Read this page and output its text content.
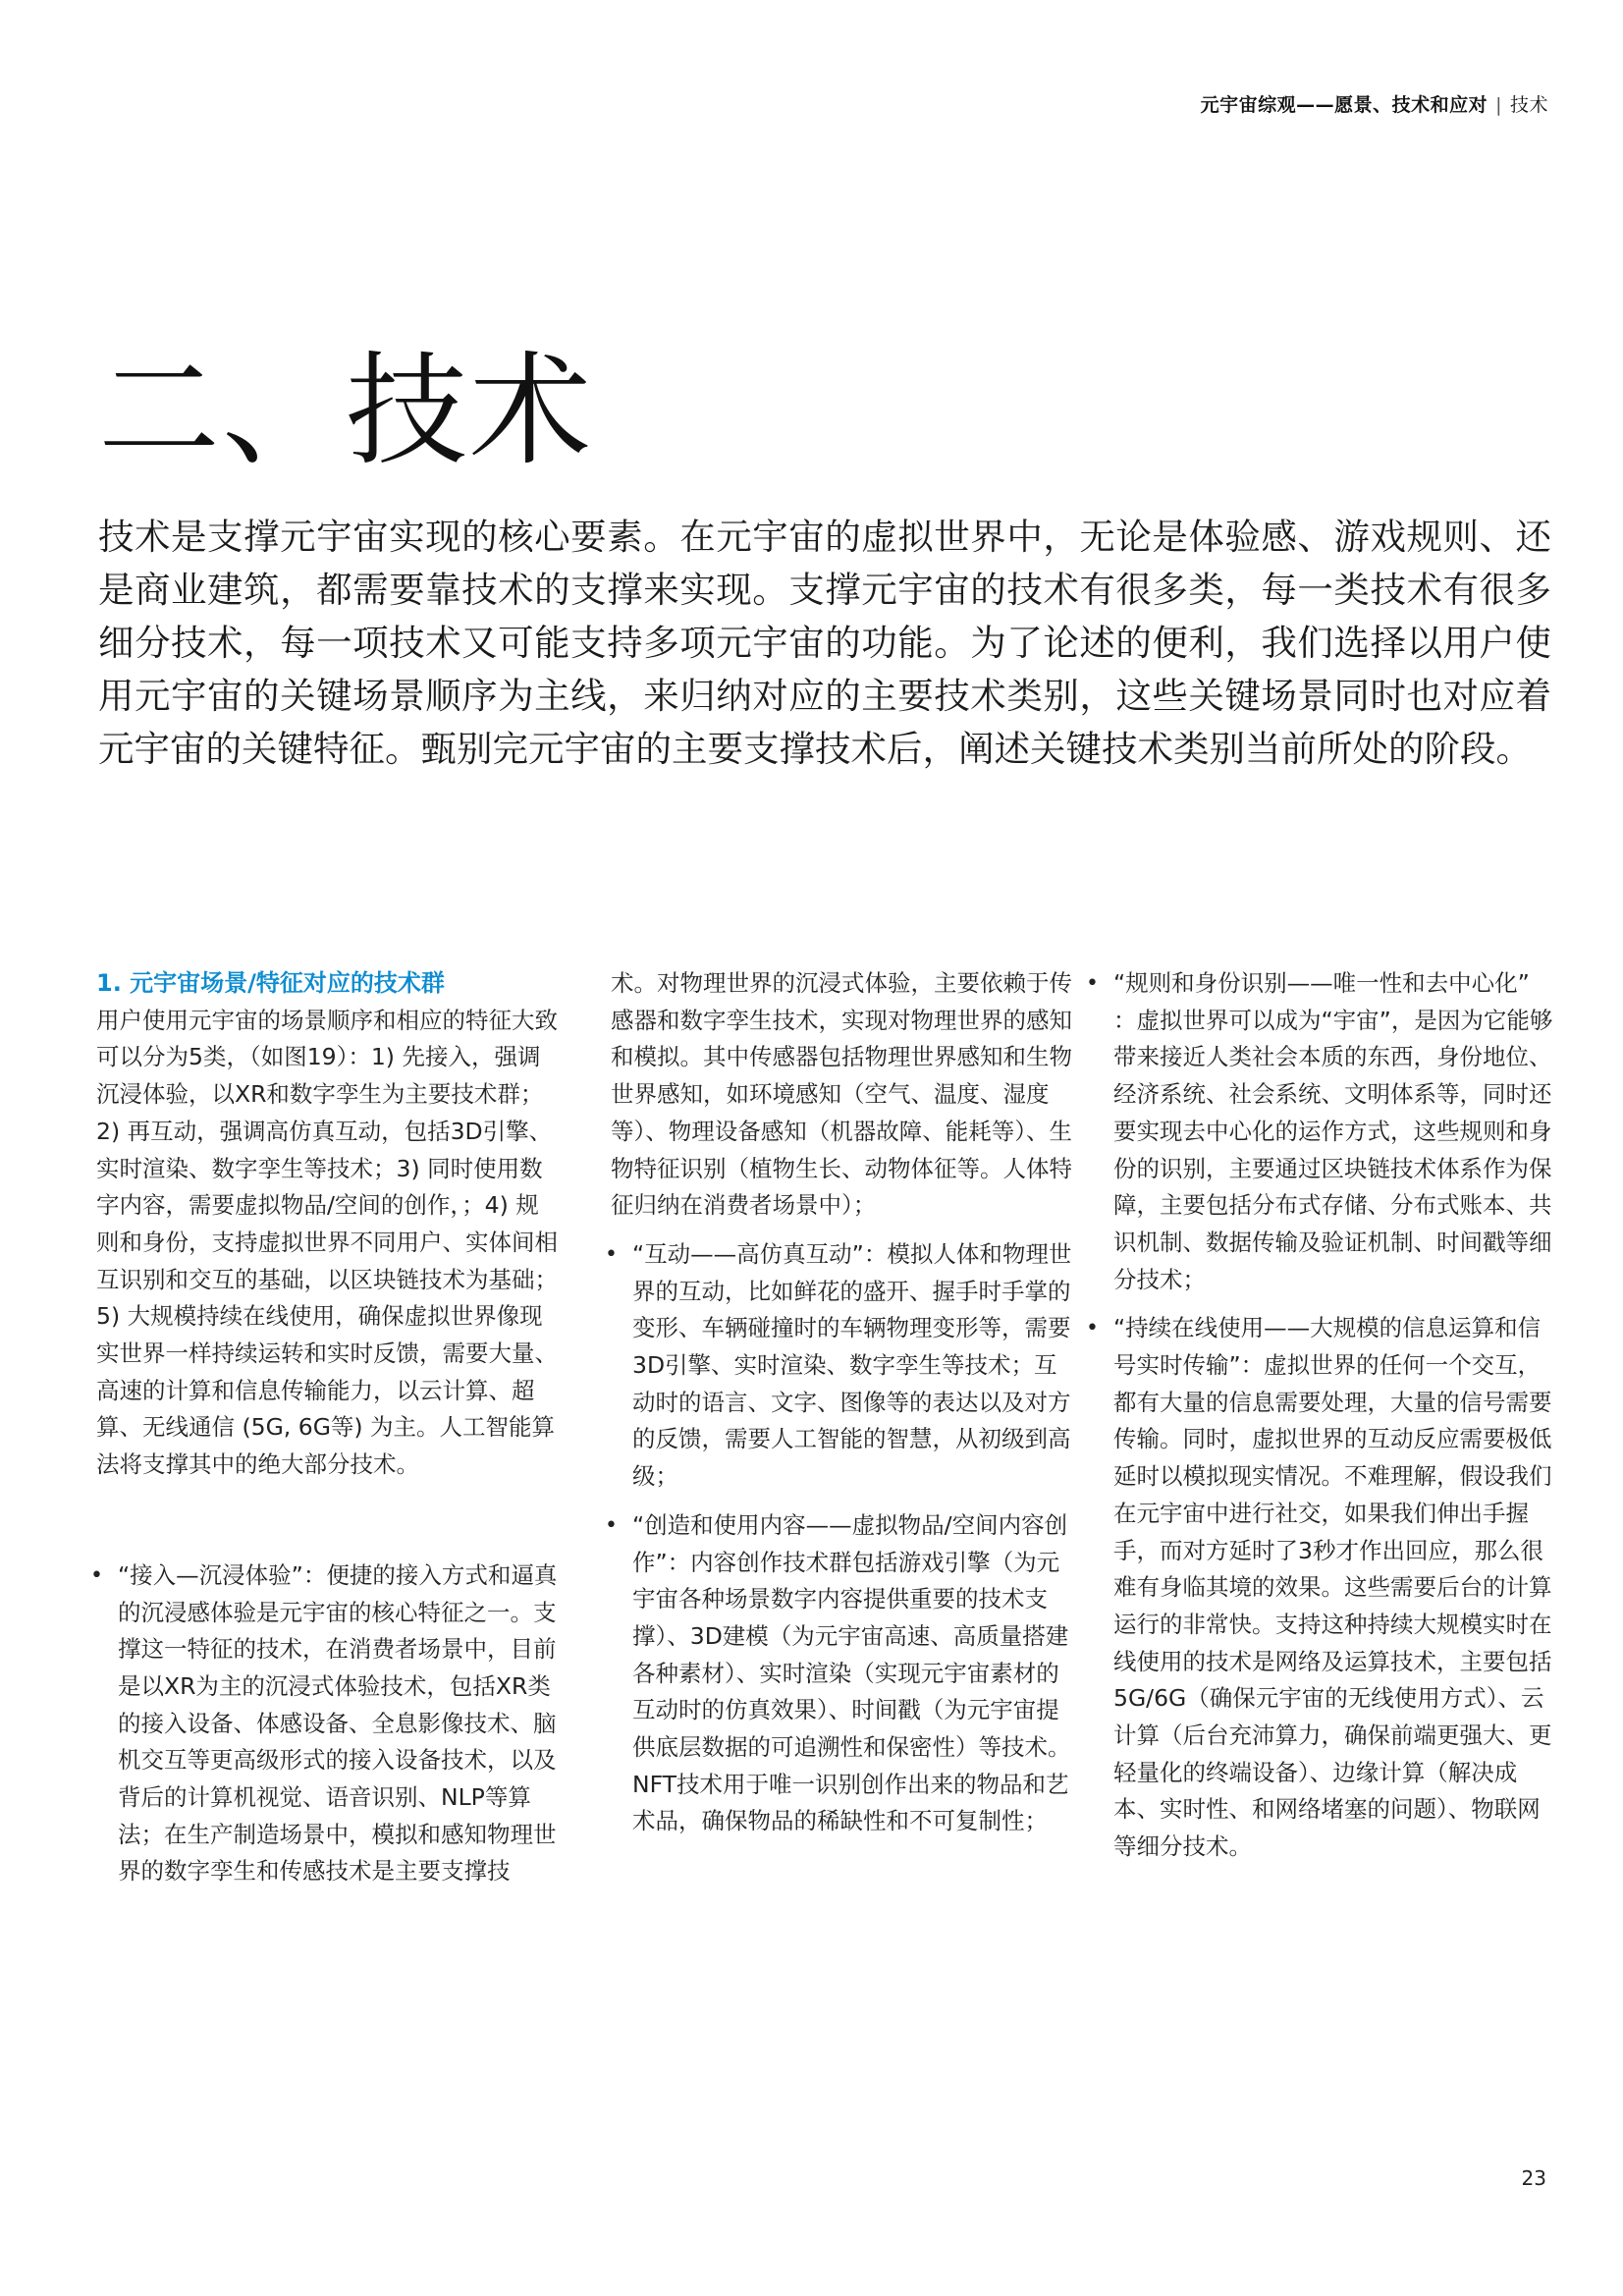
元宇宙综观——愿景、技术和应对 | 技术
二、技术

技术是支撑元宇宙实现的核心要素。在元宇宙的虚拟世界中，无论是体验感、游戏规则、还是商业建筑，都需要靠技术的支撑来实现。支撑元宇宙的技术有很多类，每一类技术有很多细分技术，每一项技术又可能支持多项元宇宙的功能。为了论述的便利，我们选择以用户使用元宇宙的关键场景顺序为主线，来归纳对应的主要技术类别，这些关键场景同时也对应着元宇宙的关键特征。甄别完元宇宙的主要支撑技术后，阐述关键技术类别当前所处的阶段。

1. 元宇宙场景/特征对应的技术群

用户使用元宇宙的场景顺序和相应的特征大致可以分为5类，（如图19）：1) 先接入，强调沉浸体验，以XR和数字孪生为主要技术群；2) 再互动，强调高仿真互动，包括3D引擎、实时渲染、数字孪生等技术；3) 同时使用数字内容，需要虚拟物品/空间的创作，；4) 规则和身份，支持虚拟世界不同用户、实体间相互识别和交互的基础，以区块链技术为基础；5) 大规模持续在线使用，确保虚拟世界像现实世界一样持续运转和实时反馈，需要大量、高速的计算和信息传输能力，以云计算、超算、无线通信 (5G, 6G等) 为主。人工智能算法将支撑其中的绝大部分技术。

• “接入—沉浸体验”：便捷的接入方式和逼真的沉浸感体验是元宇宙的核心特征之一。支撑这一特征的技术，在消费者场景中，目前是以XR为主的沉浸式体验技术，包括XR类的接入设备、体感设备、全息影像技术、脑机交互等更高级形式的接入设备技术，以及背后的计算机视觉、语音识别、NLP等算法；在生产制造场景中，模拟和感知物理世界的数字孪生和传感技术是主要支撑技
术。对物理世界的沉浸式体验，主要依赖于传感器和数字孪生技术，实现对物理世界的感知和模拟。其中传感器包括物理世界感知和生物世界感知，如环境感知（空气、温度、湿度等）、物理设备感知（机器故障、能耗等）、生物特征识别（植物生长、动物体征等。人体特征归纳在消费者场景中）；
• “互动——高仿真互动”：模拟人体和物理世界的互动，比如鲜花的盛开、握手时手掌的变形、车辆碰撞时的车辆物理变形等，需要3D引擎、实时渲染、数字孪生等技术；互动时的语言、文字、图像等的表达以及对方的反馈，需要人工智能的智慧，从初级到高级；
• “创造和使用内容——虚拟物品/空间内容创作”：内容创作技术群包括游戏引擎（为元宇宙各种场景数字内容提供重要的技术支撑）、3D建模（为元宇宙高速、高质量搭建各种素材）、实时渲染（实现元宇宙素材的互动时的仿真效果）、时间戳（为元宇宙提供底层数据的可追溯性和保密性）等技术。 NFT技术用于唯一识别创作出来的物品和艺术品，确保物品的稀缺性和不可复制性；
• “规则和身份识别——唯一性和去中心化” ：虚拟世界可以成为“宇宙”，是因为它能够带来接近人类社会本质的东西，身份地位、经济系统、社会系统、文明体系等，同时还要实现去中心化的运作方式，这些规则和身份的识别，主要通过区块链技术体系作为保障，主要包括分布式存储、分布式账本、共识机制、数据传输及验证机制、时间戳等细分技术；
• “持续在线使用——大规模的信息运算和信号实时传输”：虚拟世界的任何一个交互，都有大量的信息需要处理，大量的信号需要传输。同时，虚拟世界的互动反应需要极低延时以模拟现实情况。不难理解，假设我们在元宇宙中进行社交，如果我们伸出手握手，而对方延时了3秒才作出回应，那么很难有身临其境的效果。这些需要后台的计算运行的非常快。支持这种持续大规模实时在线使用的技术是网络及运算技术，主要包括5G/6G（确保元宇宙的无线使用方式）、云计算（后台充沛算力，确保前端更强大、更轻量化的终端设备）、边缘计算（解决成本、实时性、和网络堵塞的问题）、物联网等细分技术。
23
